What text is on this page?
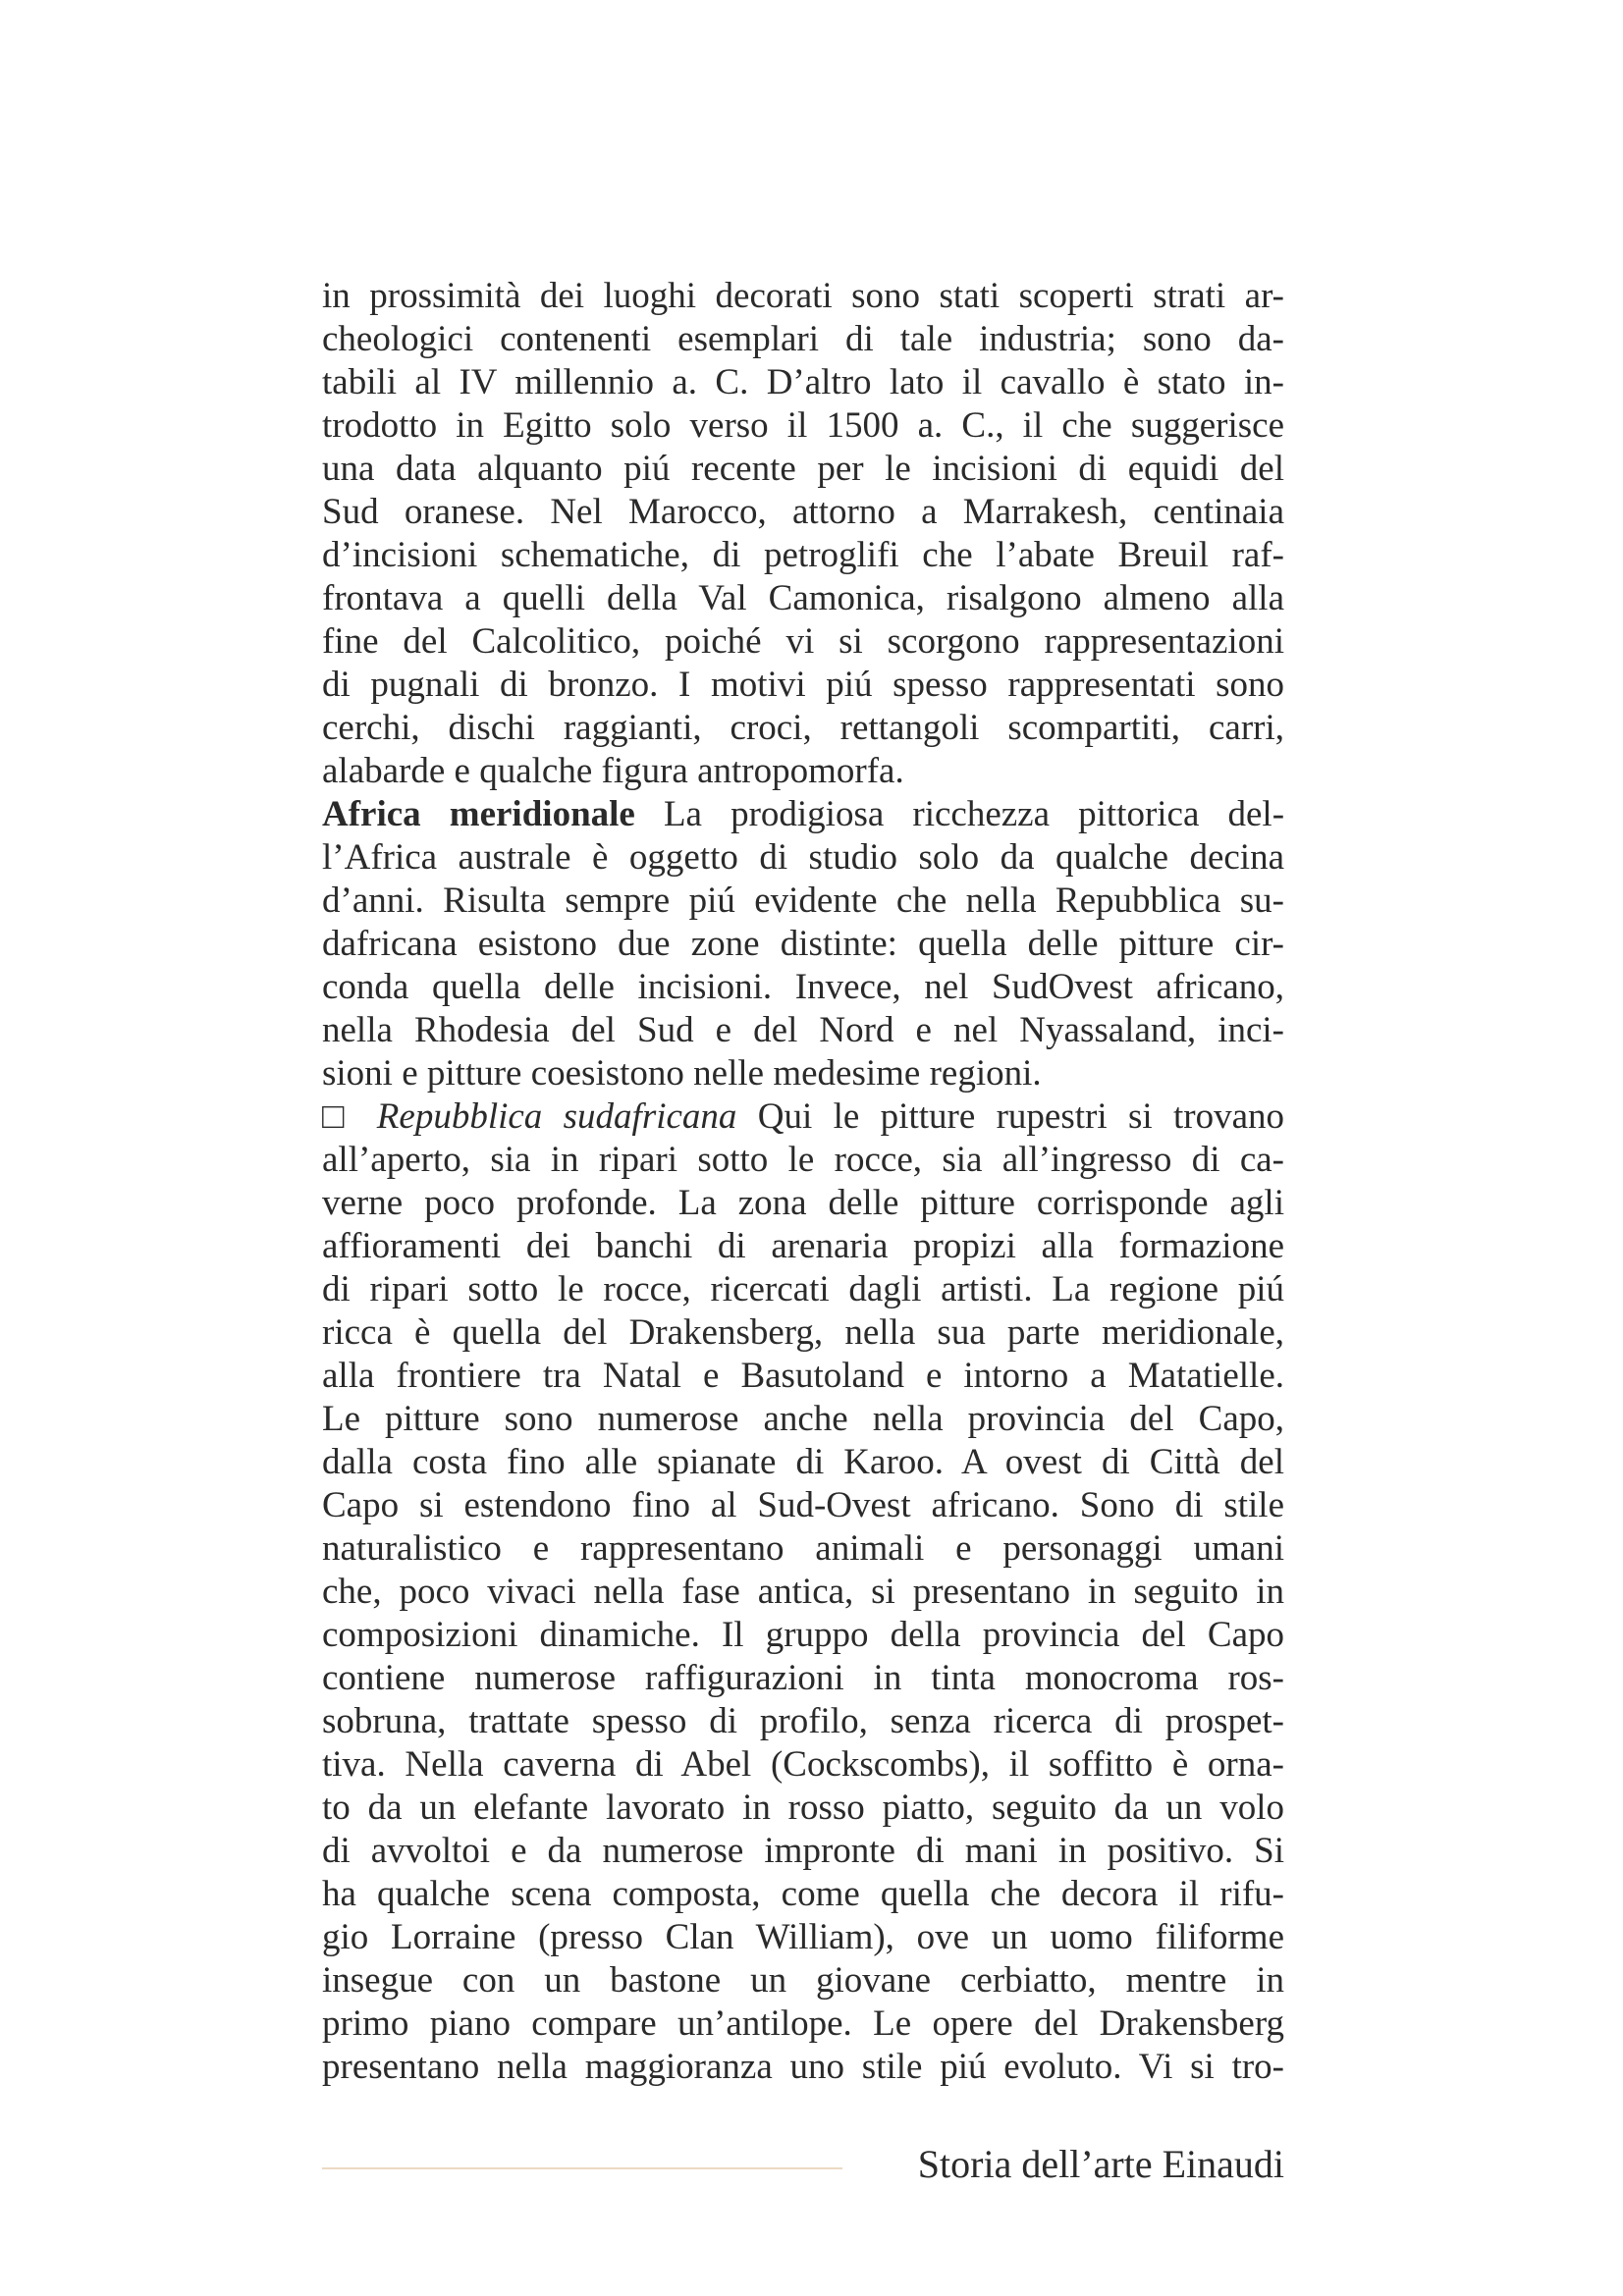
in prossimità dei luoghi decorati sono stati scoperti strati ar-
cheologici contenenti esemplari di tale industria; sono da-
tabili al IV millennio a. C. D’altro lato il cavallo è stato in-
trodotto in Egitto solo verso il 1500 a. C., il che suggerisce
una data alquanto piú recente per le incisioni di equidi del
Sud oranese. Nel Marocco, attorno a Marrakesh, centinaia
d’incisioni schematiche, di petroglifi che l’abate Breuil raf-
frontava a quelli della Val Camonica, risalgono almeno alla
fine del Calcolitico, poiché vi si scorgono rappresentazioni
di pugnali di bronzo. I motivi piú spesso rappresentati sono
cerchi, dischi raggianti, croci, rettangoli scompartiti, carri,
alabarde e qualche figura antropomorfa.
Africa meridionale La prodigiosa ricchezza pittorica del-
l’Africa australe è oggetto di studio solo da qualche decina
d’anni. Risulta sempre piú evidente che nella Repubblica su-
dafricana esistono due zone distinte: quella delle pitture cir-
conda quella delle incisioni. Invece, nel SudOvest africano,
nella Rhodesia del Sud e del Nord e nel Nyassaland, inci-
sioni e pitture coesistono nelle medesime regioni.
□ Repubblica sudafricana Qui le pitture rupestri si trovano
all’aperto, sia in ripari sotto le rocce, sia all’ingresso di ca-
verne poco profonde. La zona delle pitture corrisponde agli
affioramenti dei banchi di arenaria propizi alla formazione
di ripari sotto le rocce, ricercati dagli artisti. La regione piú
ricca è quella del Drakensberg, nella sua parte meridionale,
alla frontiere tra Natal e Basutoland e intorno a Matatielle.
Le pitture sono numerose anche nella provincia del Capo,
dalla costa fino alle spianate di Karoo. A ovest di Città del
Capo si estendono fino al Sud-Ovest africano. Sono di stile
naturalistico e rappresentano animali e personaggi umani
che, poco vivaci nella fase antica, si presentano in seguito in
composizioni dinamiche. Il gruppo della provincia del Capo
contiene numerose raffigurazioni in tinta monocroma ros-
sobruna, trattate spesso di profilo, senza ricerca di prospet-
tiva. Nella caverna di Abel (Cockscombs), il soffitto è orna-
to da un elefante lavorato in rosso piatto, seguito da un volo
di avvoltoi e da numerose impronte di mani in positivo. Si
ha qualche scena composta, come quella che decora il rifu-
gio Lorraine (presso Clan William), ove un uomo filiforme
insegue con un bastone un giovane cerbiatto, mentre in
primo piano compare un’antilope. Le opere del Drakensberg
presentano nella maggioranza uno stile piú evoluto. Vi si tro-
Storia dell’arte Einaudi
